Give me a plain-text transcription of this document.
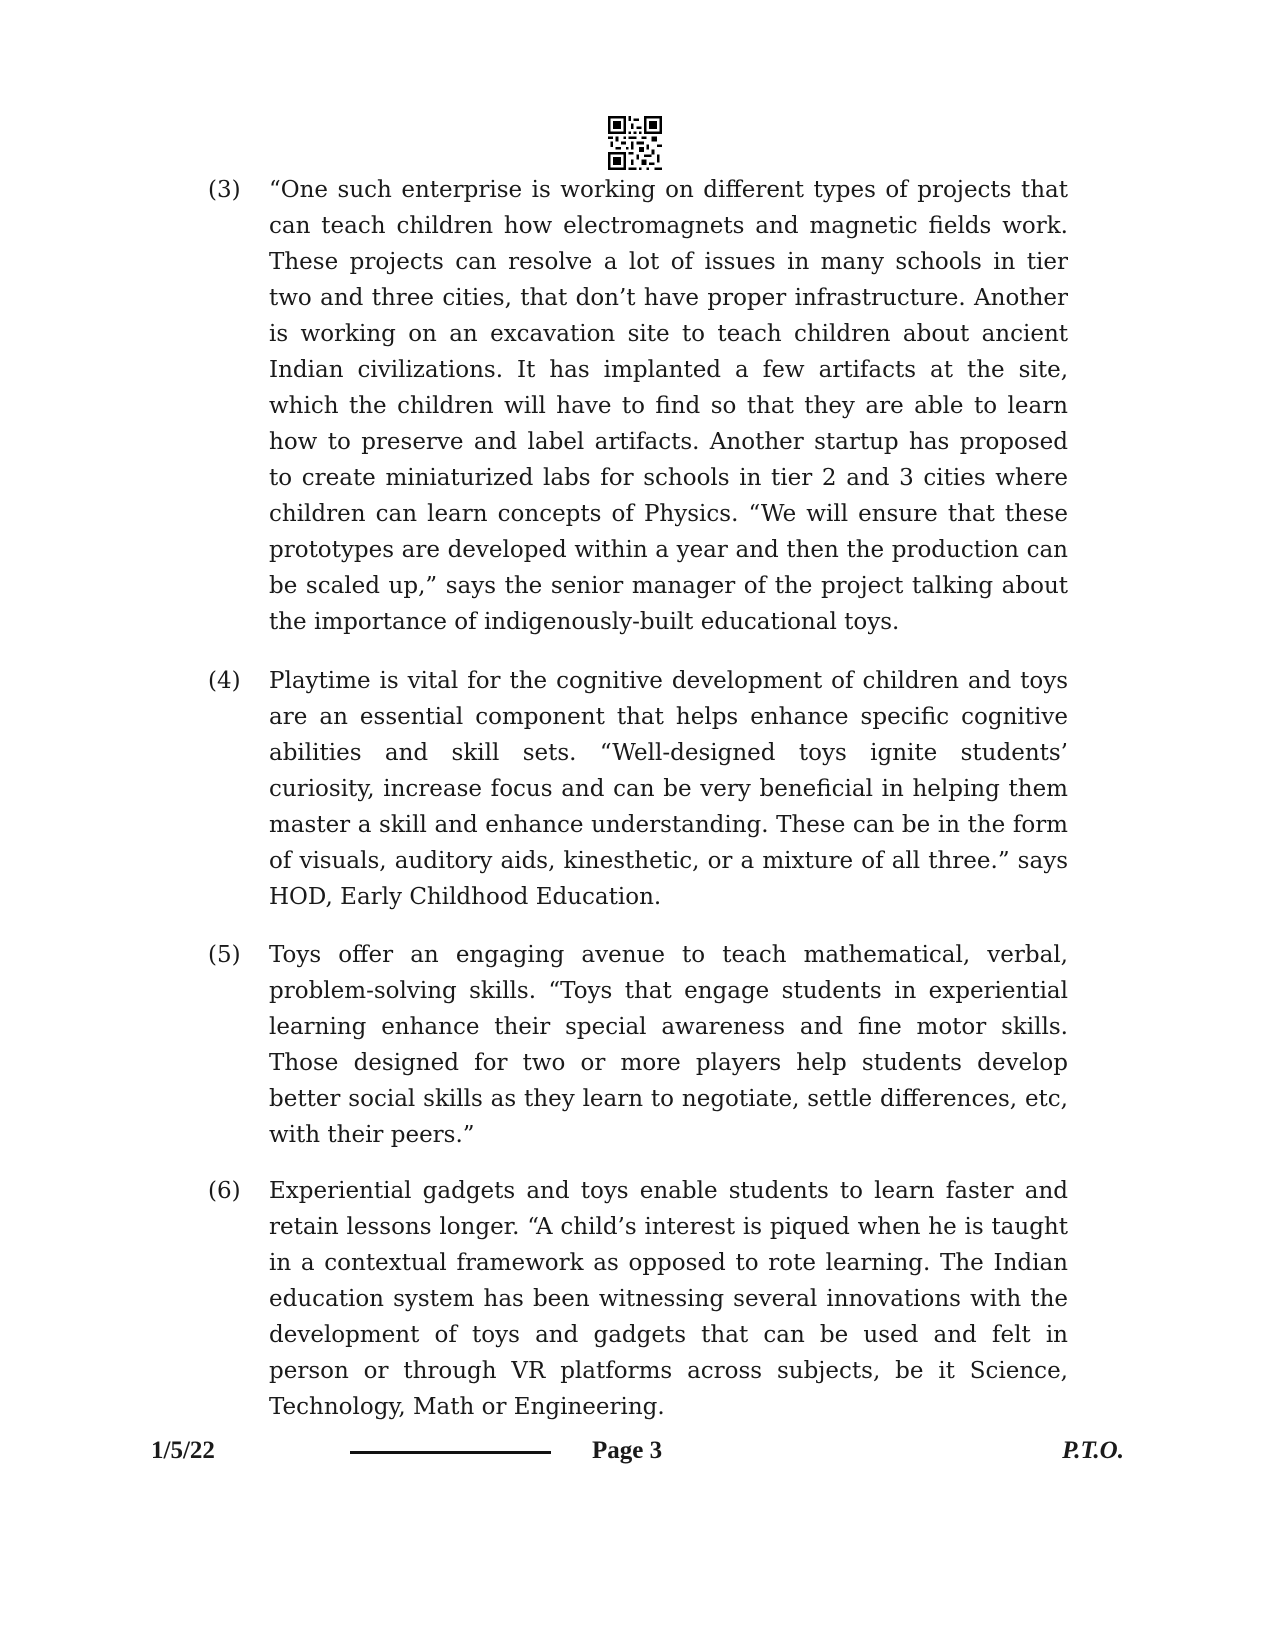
(3) “One such enterprise is working on different types of projects that can teach children how electromagnets and magnetic fields work. These projects can resolve a lot of issues in many schools in tier two and three cities, that don’t have proper infrastructure. Another is working on an excavation site to teach children about ancient Indian civilizations. It has implanted a few artifacts at the site, which the children will have to find so that they are able to learn how to preserve and label artifacts. Another startup has proposed to create miniaturized labs for schools in tier 2 and 3 cities where children can learn concepts of Physics. “We will ensure that these prototypes are developed within a year and then the production can be scaled up,” says the senior manager of the project talking about the importance of indigenously-built educational toys.
(4) Playtime is vital for the cognitive development of children and toys are an essential component that helps enhance specific cognitive abilities and skill sets. “Well-designed toys ignite students’ curiosity, increase focus and can be very beneficial in helping them master a skill and enhance understanding. These can be in the form of visuals, auditory aids, kinesthetic, or a mixture of all three.” says HOD, Early Childhood Education.
(5) Toys offer an engaging avenue to teach mathematical, verbal, problem-solving skills. “Toys that engage students in experiential learning enhance their special awareness and fine motor skills. Those designed for two or more players help students develop better social skills as they learn to negotiate, settle differences, etc, with their peers.”
(6) Experiential gadgets and toys enable students to learn faster and retain lessons longer. “A child’s interest is piqued when he is taught in a contextual framework as opposed to rote learning. The Indian education system has been witnessing several innovations with the development of toys and gadgets that can be used and felt in person or through VR platforms across subjects, be it Science, Technology, Math or Engineering.
1/5/22	Page 3	P.T.O.
